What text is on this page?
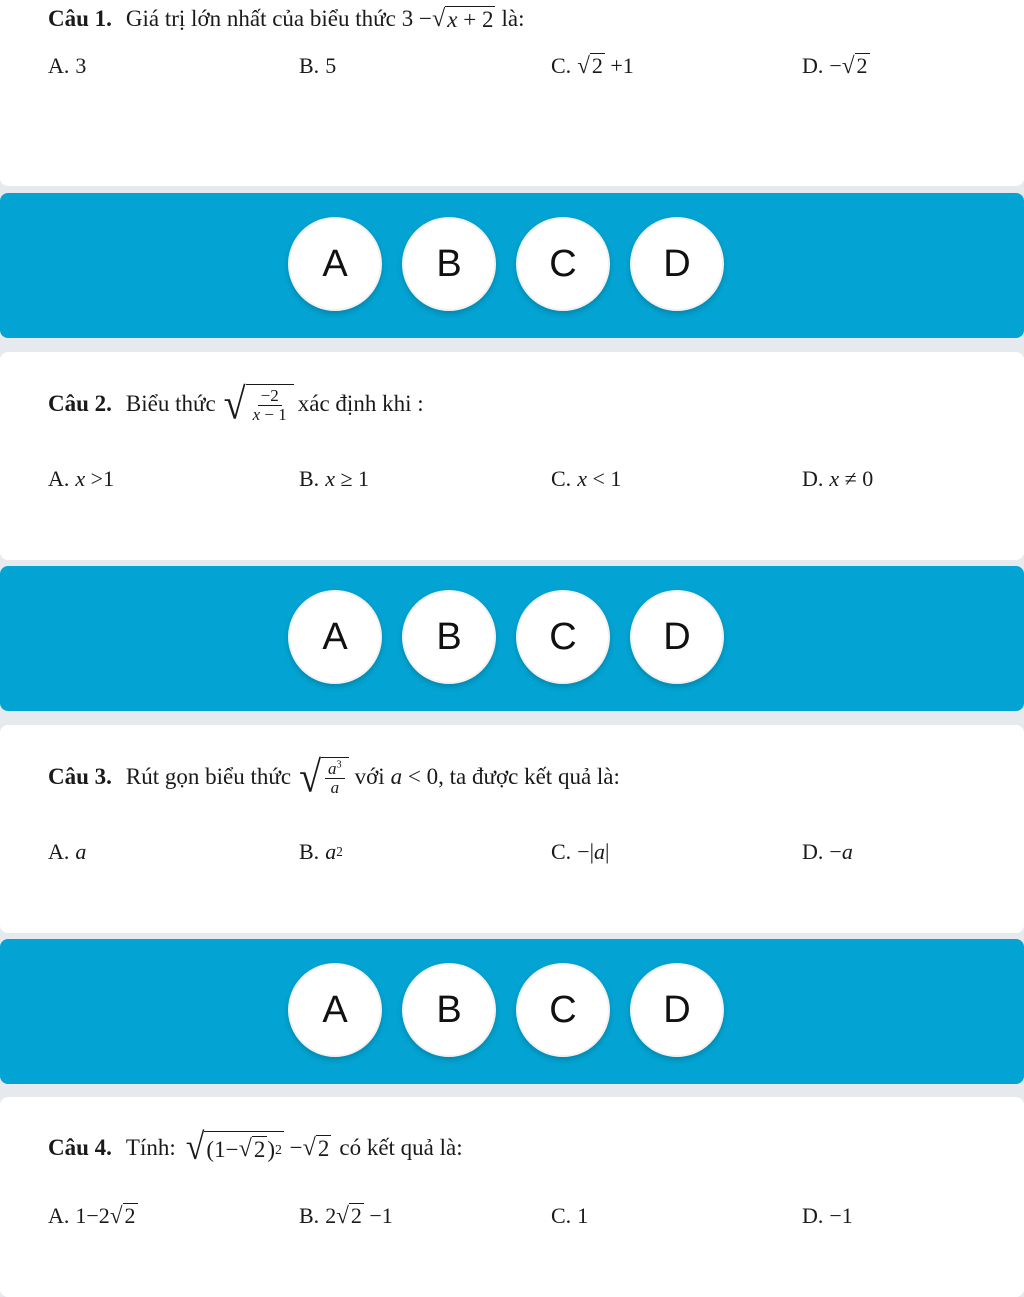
Câu 1. Giá trị lớn nhất của biểu thức 3 − √ x + 2 là:
A. 3	B. 5	C. √ 2 +1	D. − √ 2
A	B	C	D
Câu 2. Biểu thức √ $\frac{-2}{x - 1}$ xác định khi :
A. x >1	B. x ≥ 1	C. x < 1	D. x ≠ 0
A	B	C	D
Câu 3. Rút gọn biểu thức √ $\frac{a^3}{a}$ với a < 0 , ta được kết quả là:
A. a	B. a 2	C. −| a |	D. − a
A	B	C	D
Câu 4. Tính: √ (1− √ 2 ) 2 − √ 2 có kết quả là:
A. 1−2 √ 2	B. 2 √ 2 −1	C. 1	D. −1
